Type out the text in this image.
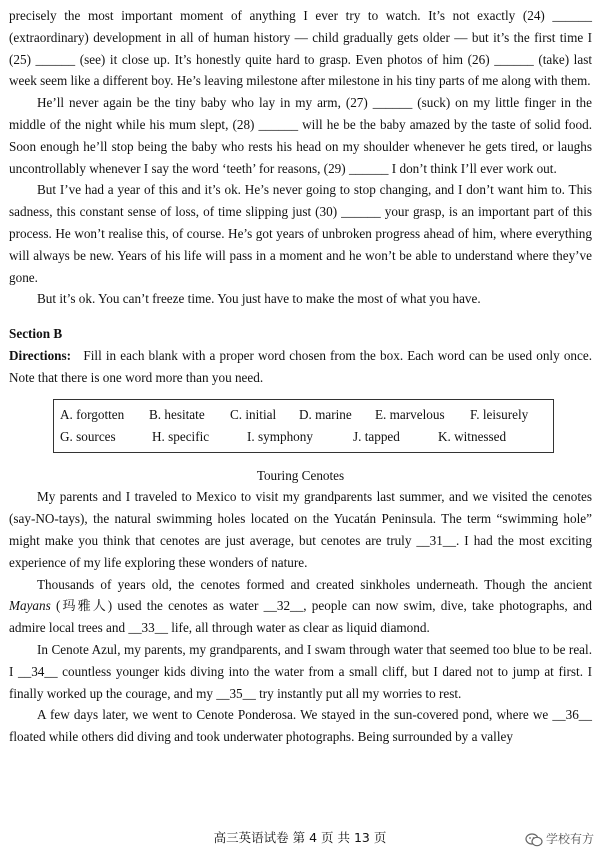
precisely the most important moment of anything I ever try to watch. It’s not exactly (24) ______ (extraordinary) development in all of human history — child gradually gets older — but it’s the first time I (25) ______ (see) it close up. It’s honestly quite hard to grasp. Even photos of him (26) ______ (take) last week seem like a different boy. He’s leaving milestone after milestone in his tiny parts of me along with them.

He’ll never again be the tiny baby who lay in my arm, (27) ______ (suck) on my little finger in the middle of the night while his mum slept, (28) ______ will he be the baby amazed by the taste of solid food. Soon enough he’ll stop being the baby who rests his head on my shoulder whenever he gets tired, or laughs uncontrollably whenever I say the word ‘teeth’ for reasons, (29) ______ I don’t think I’ll ever work out.

But I’ve had a year of this and it’s ok. He’s never going to stop changing, and I don’t want him to. This sadness, this constant sense of loss, of time slipping just (30) ______ your grasp, is an important part of this process. He won’t realise this, of course. He’s got years of unbroken progress ahead of him, where everything will always be new. Years of his life will pass in a moment and he won’t be able to understand where they’ve gone.

But it’s ok. You can’t freeze time. You just have to make the most of what you have.

Section B

Directions: Fill in each blank with a proper word chosen from the box. Each word can be used only once. Note that there is one word more than you need.

A. forgotten	B. hesitate	C. initial	D. marine	E. marvelous	F. leisurely
G. sources	H. specific	I. symphony	J. tapped	K. witnessed

Touring Cenotes

My parents and I traveled to Mexico to visit my grandparents last summer, and we visited the cenotes (say-NO-tays), the natural swimming holes located on the Yucatán Peninsula. The term “swimming hole” might make you think that cenotes are just average, but cenotes are truly __31__. I had the most exciting experience of my life exploring these wonders of nature.

Thousands of years old, the cenotes formed and created sinkholes underneath. Though the ancient Mayans (玛雅人) used the cenotes as water __32__, people can now swim, dive, take photographs, and admire local trees and __33__ life, all through water as clear as liquid diamond.

In Cenote Azul, my parents, my grandparents, and I swam through water that seemed too blue to be real. I __34__ countless younger kids diving into the water from a small cliff, but I dared not to jump at first. I finally worked up the courage, and my __35__ try instantly put all my worries to rest.

A few days later, we went to Cenote Ponderosa. We stayed in the sun-covered pond, where we __36__ floated while others did diving and took underwater photographs. Being surrounded by a valley

高三英语试卷 第 4 页 共 13 页	学校有方
